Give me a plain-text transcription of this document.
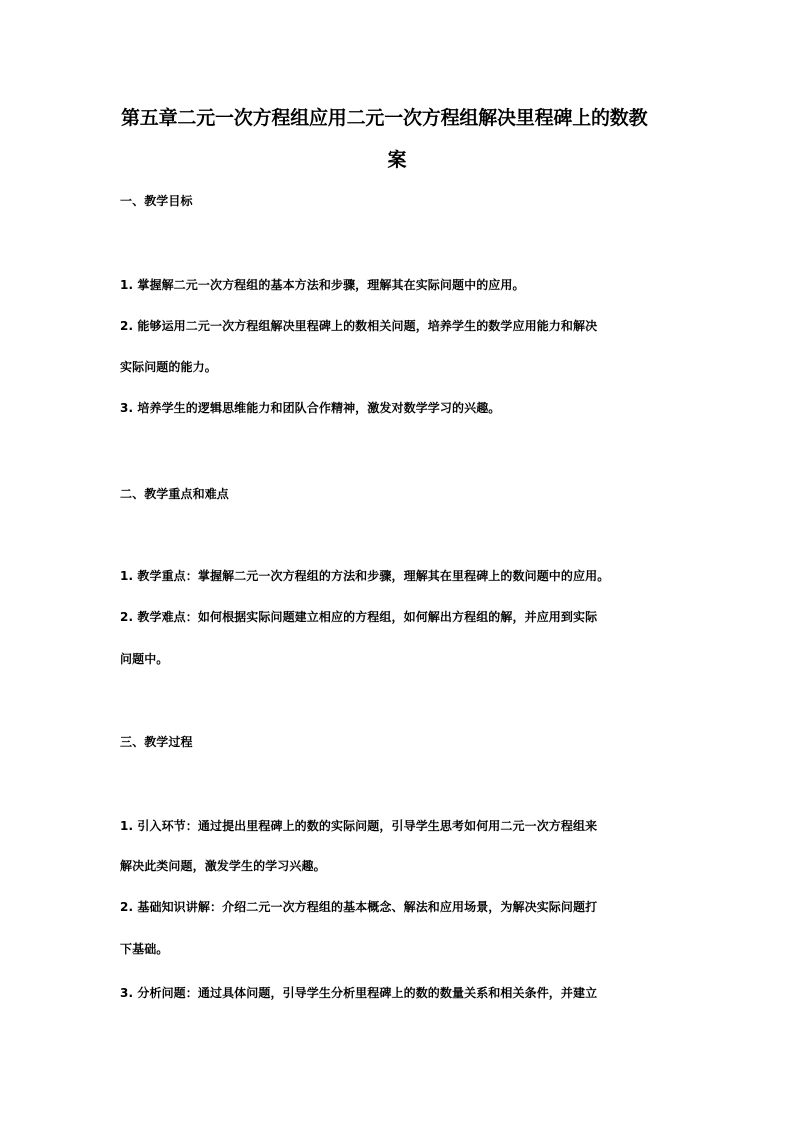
第五章二元一次方程组应用二元一次方程组解决里程碑上的数教
案
一、教学目标
1. 掌握解二元一次方程组的基本方法和步骤，理解其在实际问题中的应用。
2. 能够运用二元一次方程组解决里程碑上的数相关问题，培养学生的数学应用能力和解决
实际问题的能力。
3. 培养学生的逻辑思维能力和团队合作精神，激发对数学学习的兴趣。
二、教学重点和难点
1. 教学重点：掌握解二元一次方程组的方法和步骤，理解其在里程碑上的数问题中的应用。
2. 教学难点：如何根据实际问题建立相应的方程组，如何解出方程组的解，并应用到实际
问题中。
三、教学过程
1. 引入环节：通过提出里程碑上的数的实际问题，引导学生思考如何用二元一次方程组来
解决此类问题，激发学生的学习兴趣。
2. 基础知识讲解：介绍二元一次方程组的基本概念、解法和应用场景，为解决实际问题打
下基础。
3. 分析问题：通过具体问题，引导学生分析里程碑上的数的数量关系和相关条件，并建立
